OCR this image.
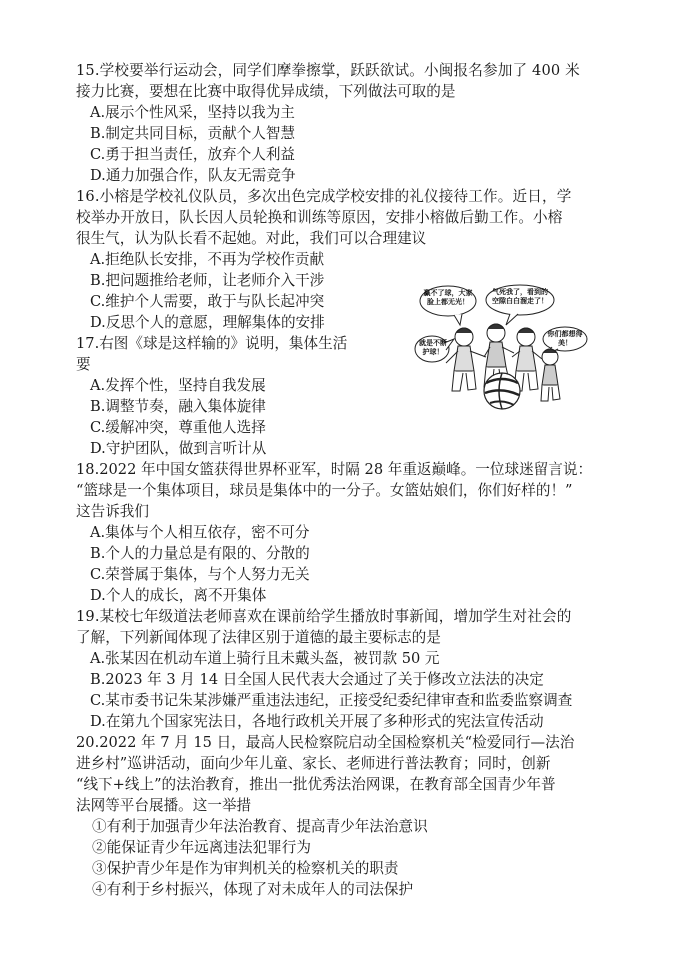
15.学校要举行运动会，同学们摩拳擦掌，跃跃欲试。小闽报名参加了 400 米
接力比赛，要想在比赛中取得优异成绩，下列做法可取的是
A.展示个性风采，坚持以我为主
B.制定共同目标，贡献个人智慧
C.勇于担当责任，放弃个人利益
D.通力加强合作，队友无需竞争
16.小榕是学校礼仪队员，多次出色完成学校安排的礼仪接待工作。近日，学
校举办开放日，队长因人员轮换和训练等原因，安排小榕做后勤工作。小榕
很生气，认为队长看不起她。对此，我们可以合理建议
A.拒绝队长安排，不再为学校作贡献
B.把问题推给老师，让老师介入干涉
C.维护个人需要，敢于与队长起冲突
D.反思个人的意愿，理解集体的安排
17.右图《球是这样输的》说明，集体生活
要
A.发挥个性，坚持自我发展
B.调整节奏，融入集体旋律
C.缓解冲突，尊重他人选择
D.守护团队，做到言听计从
赢不了球，大家脸上都无光！
气死我了，看到的空隙白白溜走了！
就是不断护球！
你们都想得美！
18.2022 年中国女篮获得世界杯亚军，时隔 28 年重返巅峰。一位球迷留言说：
“篮球是一个集体项目，球员是集体中的一分子。女篮姑娘们，你们好样的！”
这告诉我们
A.集体与个人相互依存，密不可分
B.个人的力量总是有限的、分散的
C.荣誉属于集体，与个人努力无关
D.个人的成长，离不开集体
19.某校七年级道法老师喜欢在课前给学生播放时事新闻，增加学生对社会的
了解，下列新闻体现了法律区别于道德的最主要标志的是
A.张某因在机动车道上骑行且未戴头盔，被罚款 50 元
B.2023 年 3 月 14 日全国人民代表大会通过了关于修改立法法的决定
C.某市委书记朱某涉嫌严重违法违纪，正接受纪委纪律审查和监委监察调查
D.在第九个国家宪法日，各地行政机关开展了多种形式的宪法宣传活动
20.2022 年 7 月 15 日，最高人民检察院启动全国检察机关“检爱同行—法治
进乡村”巡讲活动，面向少年儿童、家长、老师进行普法教育；同时，创新
“线下+线上”的法治教育，推出一批优秀法治网课，在教育部全国青少年普
法网等平台展播。这一举措
①有利于加强青少年法治教育、提高青少年法治意识
②能保证青少年远离违法犯罪行为
③保护青少年是作为审判机关的检察机关的职责
④有利于乡村振兴，体现了对未成年人的司法保护
